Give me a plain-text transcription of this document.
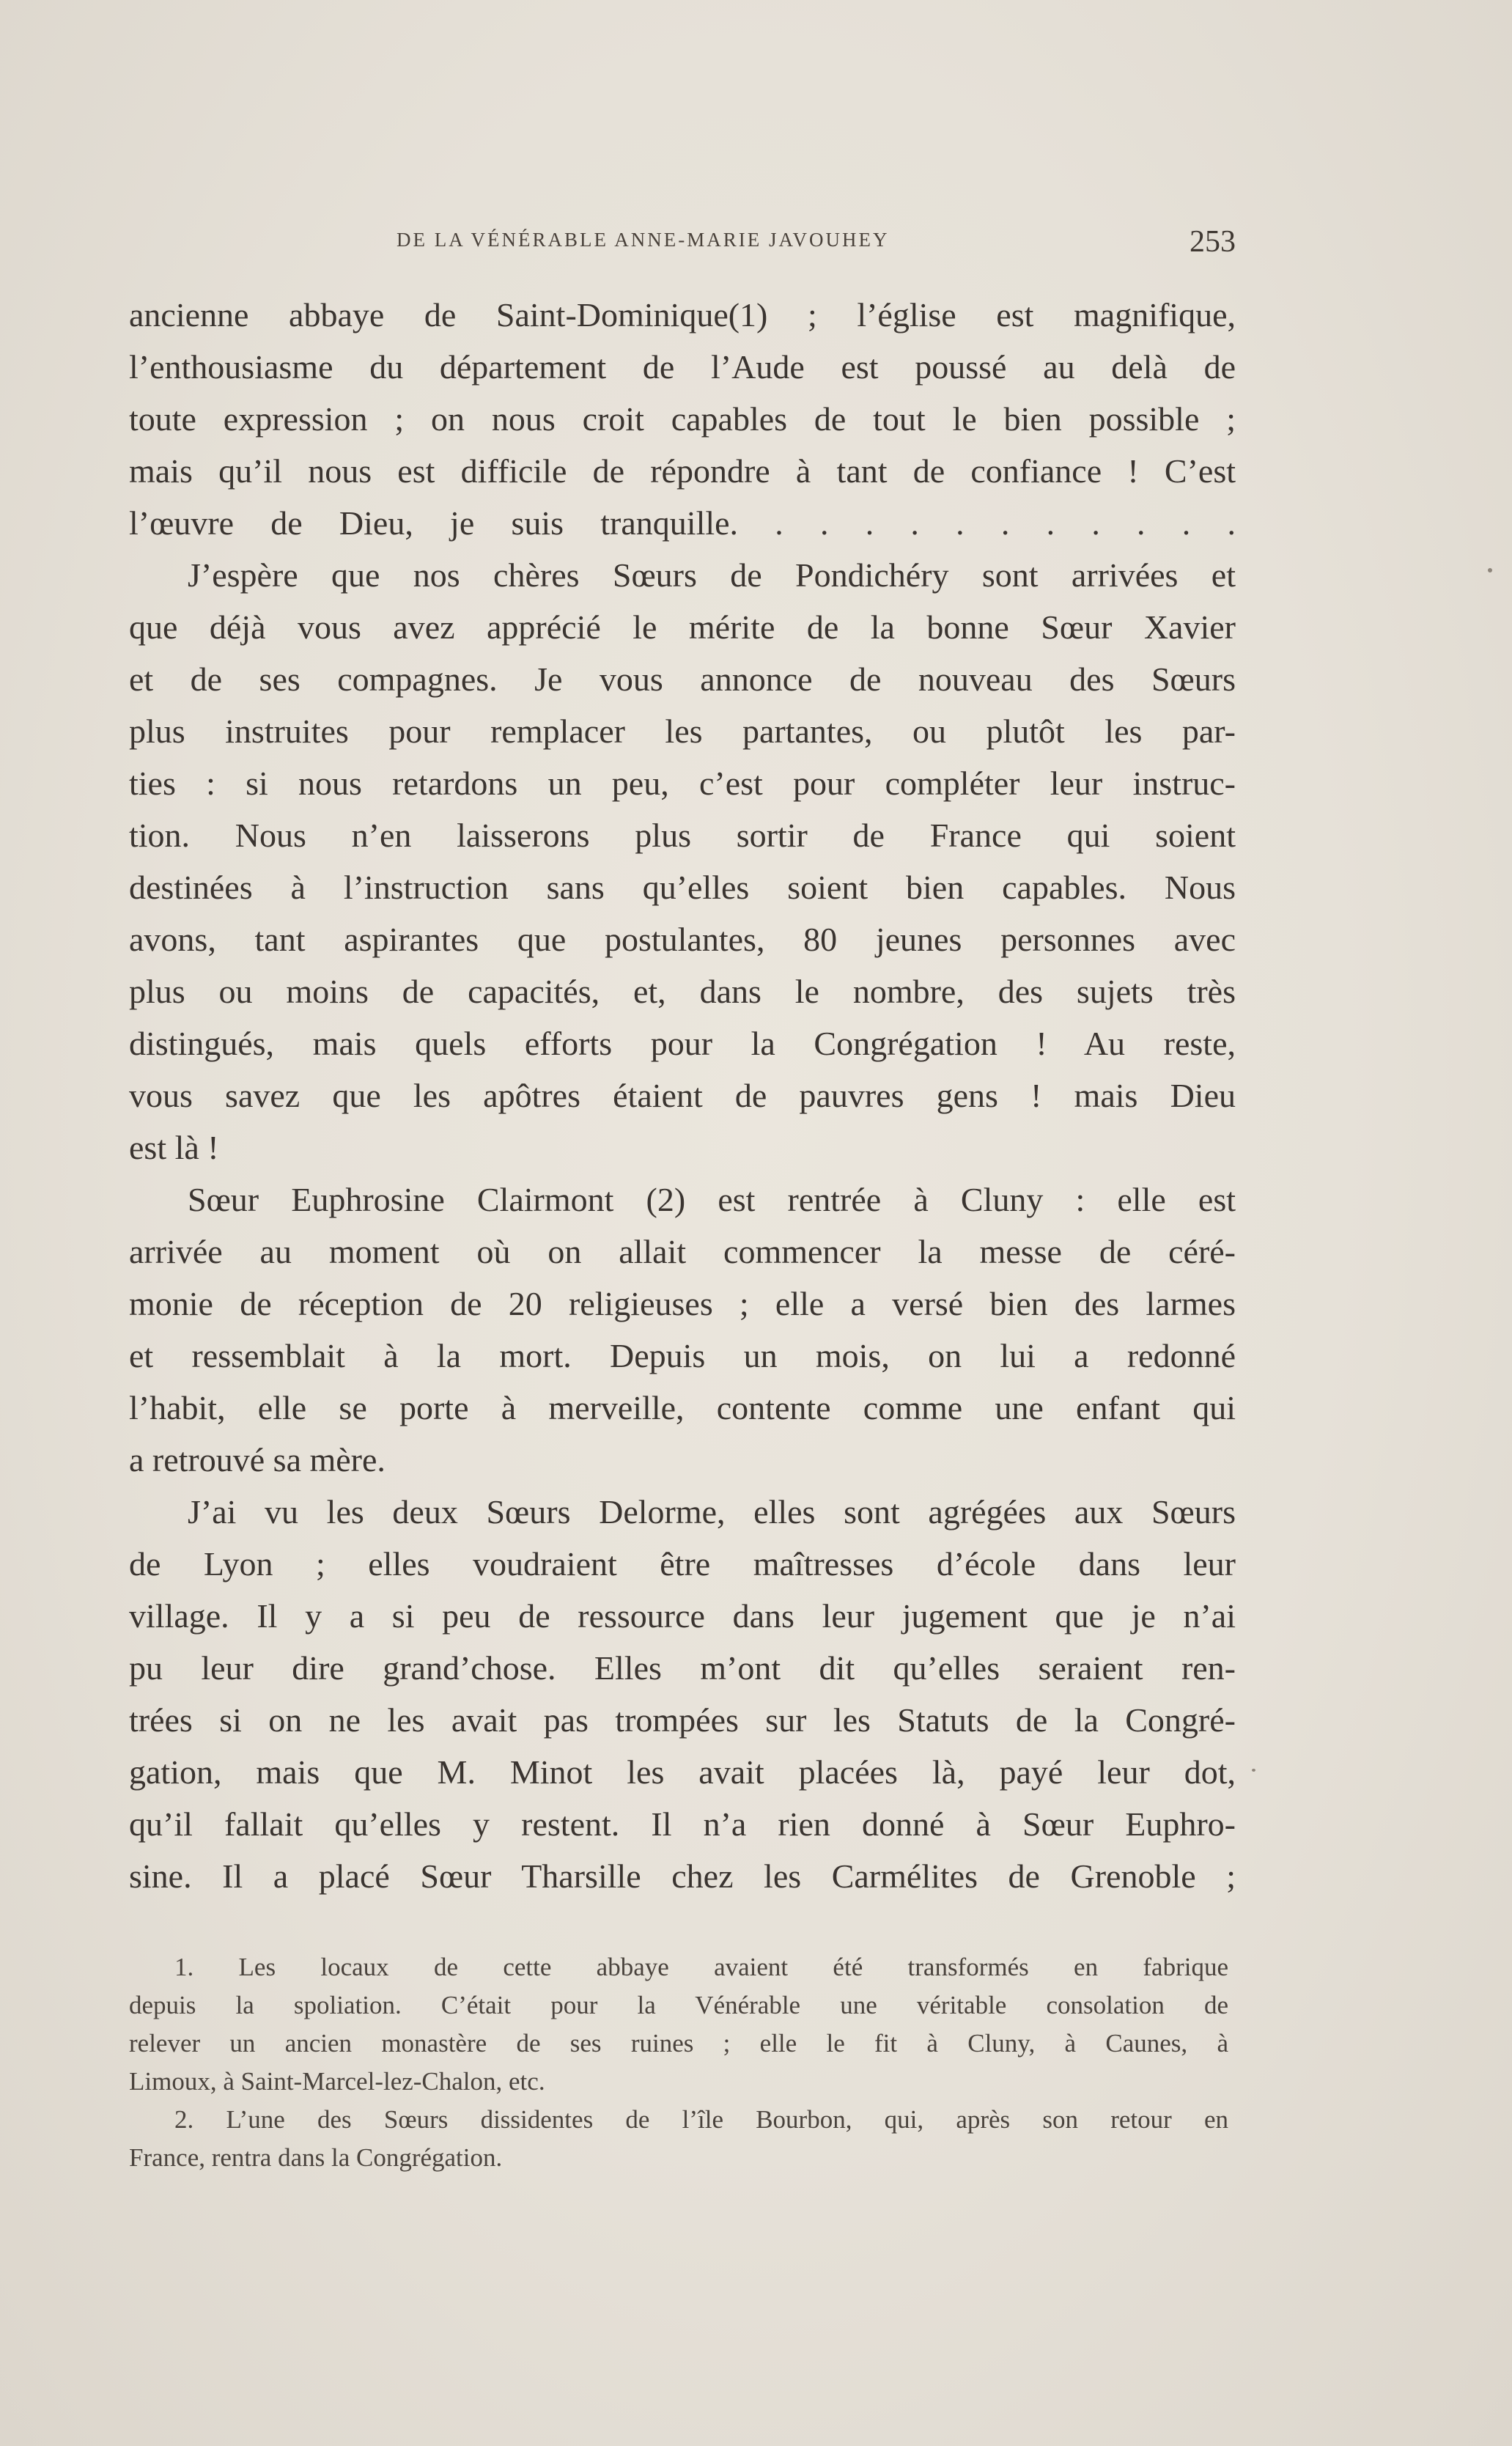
DE LA VÉNÉRABLE ANNE-MARIE JAVOUHEY	253
ancienne abbaye de Saint-Dominique(1) ; l’église est magnifique,
l’enthousiasme du département de l’Aude est poussé au delà de
toute expression ; on nous croit capables de tout le bien possible ;
mais qu’il nous est difficile de répondre à tant de confiance ! C’est
l’œuvre de Dieu, je suis tranquille. . . . . . . . . . . .
J’espère que nos chères Sœurs de Pondichéry sont arrivées et
que déjà vous avez apprécié le mérite de la bonne Sœur Xavier
et de ses compagnes. Je vous annonce de nouveau des Sœurs
plus instruites pour remplacer les partantes, ou plutôt les par-
ties : si nous retardons un peu, c’est pour compléter leur instruc-
tion. Nous n’en laisserons plus sortir de France qui soient
destinées à l’instruction sans qu’elles soient bien capables. Nous
avons, tant aspirantes que postulantes, 80 jeunes personnes avec
plus ou moins de capacités, et, dans le nombre, des sujets très
distingués, mais quels efforts pour la Congrégation ! Au reste,
vous savez que les apôtres étaient de pauvres gens ! mais Dieu
est là !
Sœur Euphrosine Clairmont (2) est rentrée à Cluny : elle est
arrivée au moment où on allait commencer la messe de céré-
monie de réception de 20 religieuses ; elle a versé bien des larmes
et ressemblait à la mort. Depuis un mois, on lui a redonné
l’habit, elle se porte à merveille, contente comme une enfant qui
a retrouvé sa mère.
J’ai vu les deux Sœurs Delorme, elles sont agrégées aux Sœurs
de Lyon ; elles voudraient être maîtresses d’école dans leur
village. Il y a si peu de ressource dans leur jugement que je n’ai
pu leur dire grand’chose. Elles m’ont dit qu’elles seraient ren-
trées si on ne les avait pas trompées sur les Statuts de la Congré-
gation, mais que M. Minot les avait placées là, payé leur dot,
qu’il fallait qu’elles y restent. Il n’a rien donné à Sœur Euphro-
sine. Il a placé Sœur Tharsille chez les Carmélites de Grenoble ;
1. Les locaux de cette abbaye avaient été transformés en fabrique
depuis la spoliation. C’était pour la Vénérable une véritable consolation de
relever un ancien monastère de ses ruines ; elle le fit à Cluny, à Caunes, à
Limoux, à Saint-Marcel-lez-Chalon, etc.
2. L’une des Sœurs dissidentes de l’île Bourbon, qui, après son retour en
France, rentra dans la Congrégation.
